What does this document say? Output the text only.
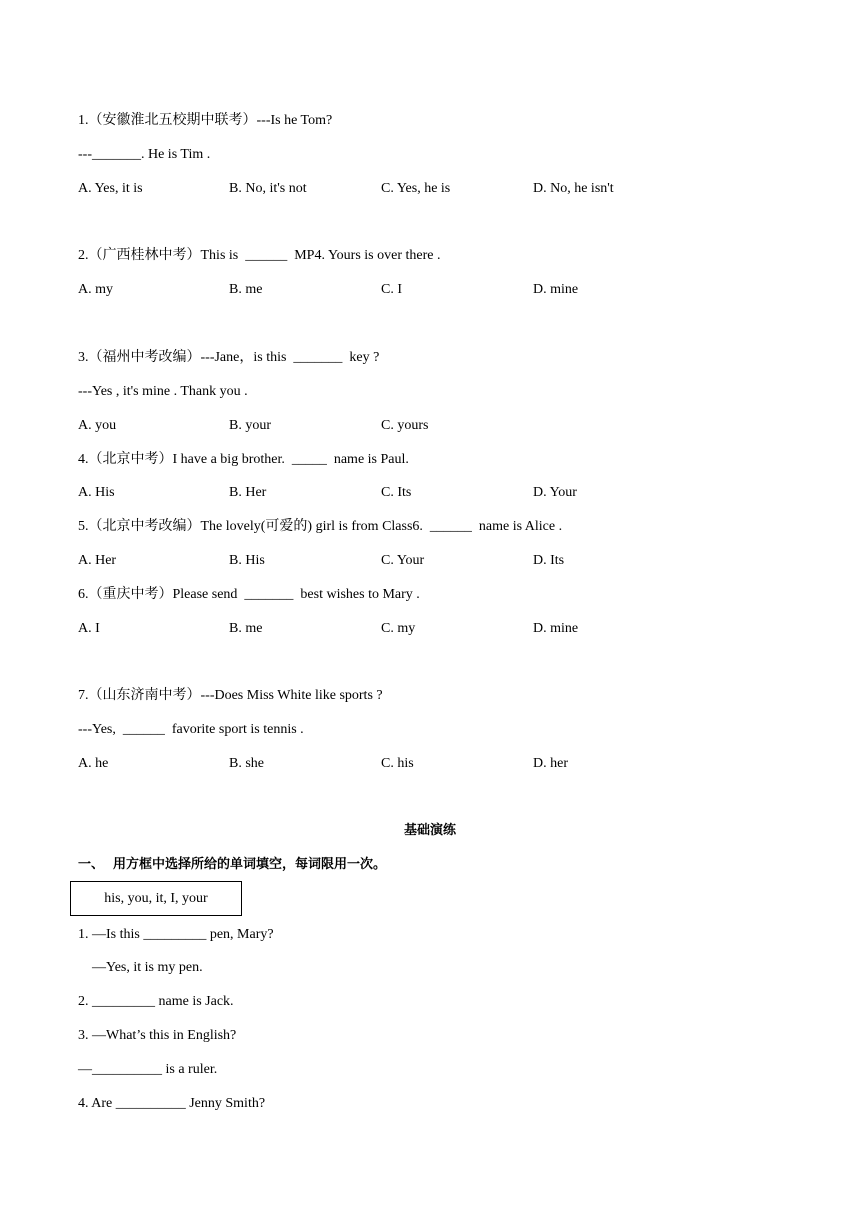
1.（安徽淮北五校期中联考）---Is he Tom?
---_______. He is Tim .
A. Yes, it is	B. No, it's not	C. Yes, he is	D. No, he isn't
2.（广西桂林中考）This is  ______  MP4. Yours is over there .
A. my	B. me	C. I	D. mine
3.（福州中考改编）---Jane，is this  _______  key ?
---Yes , it's mine . Thank you .
A. you	B. your	C. yours
4.（北京中考）I have a big brother.  _____  name is Paul.
A. His	B. Her	C. Its	D. Your
5.（北京中考改编）The lovely(可爱的) girl is from Class6.  ______  name is Alice .
A. Her	B. His	C. Your	D. Its
6.（重庆中考）Please send  _______  best wishes to Mary .
A. I	B. me	C. my	D. mine
7.（山东济南中考）---Does Miss White like sports ?
---Yes,  ______  favorite sport is tennis .
A. he	B. she	C. his	D. her
基础演练
一、  用方框中选择所给的单词填空，每词限用一次。
his, you, it, I, your
1. —Is this _________ pen, Mary?
—Yes, it is my pen.
2. _________ name is Jack.
3. —What’s this in English?
—__________ is a ruler.
4. Are __________ Jenny Smith?
